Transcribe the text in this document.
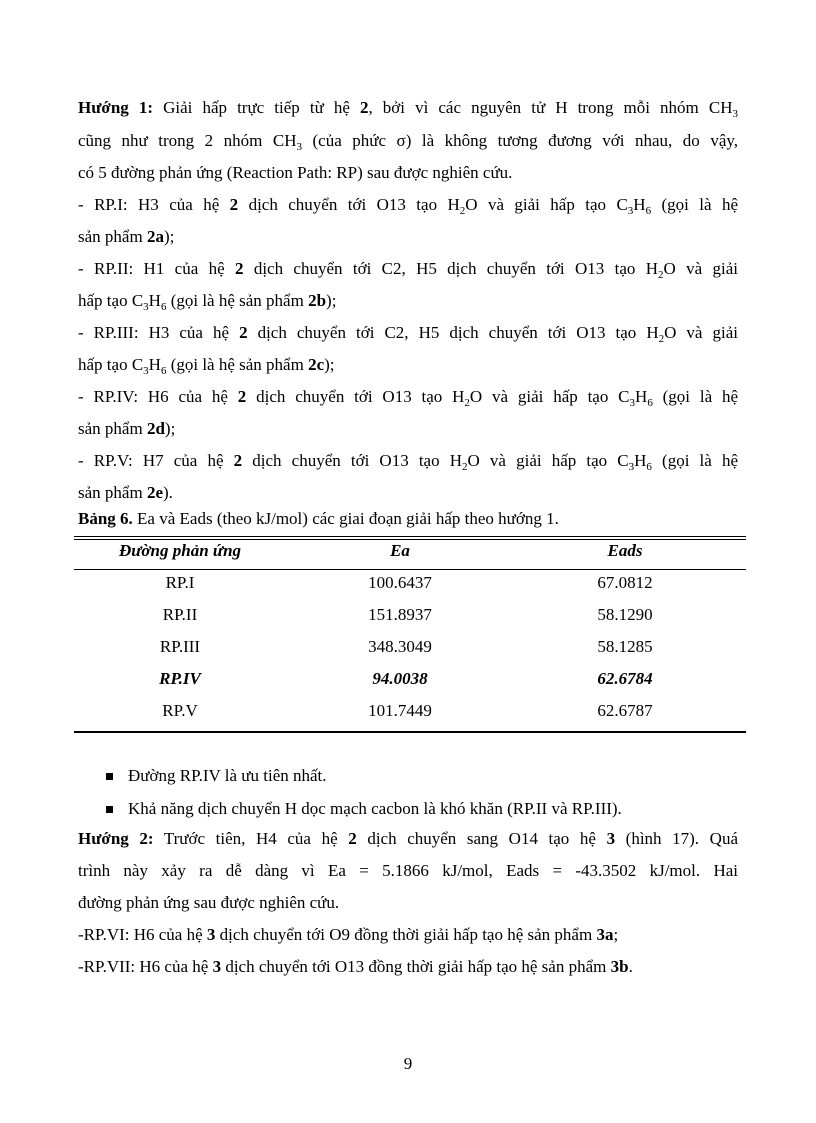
Hướng 1: Giải hấp trực tiếp từ hệ 2, bởi vì các nguyên tử H trong mỗi nhóm $CH_3$
cũng như trong 2 nhóm $CH_3$ (của phức σ) là không tương đương với nhau, do vậy,
có 5 đường phản ứng (Reaction Path: RP) sau được nghiên cứu.
- RP.I: H3 của hệ 2 dịch chuyển tới O13 tạo $H_2O$ và giải hấp tạo $C_3H_6$ (gọi là hệ
sản phẩm 2a);
- RP.II: H1 của hệ 2 dịch chuyển tới C2, H5 dịch chuyển tới O13 tạo $H_2O$ và giải
hấp tạo $C_3H_6$ (gọi là hệ sản phẩm 2b);
- RP.III: H3 của hệ 2 dịch chuyển tới C2, H5 dịch chuyển tới O13 tạo $H_2O$ và giải
hấp tạo $C_3H_6$ (gọi là hệ sản phẩm 2c);
- RP.IV: H6 của hệ 2 dịch chuyển tới O13 tạo $H_2O$ và giải hấp tạo $C_3H_6$ (gọi là hệ
sản phẩm 2d);
- RP.V: H7 của hệ 2 dịch chuyển tới O13 tạo $H_2O$ và giải hấp tạo $C_3H_6$ (gọi là hệ
sản phẩm 2e).
Bảng 6. Ea và Eads (theo kJ/mol) các giai đoạn giải hấp theo hướng 1.
Đường phản ứng	Ea	Eads
RP.I	100.6437	67.0812
RP.II	151.8937	58.1290
RP.III	348.3049	58.1285
RP.IV	94.0038	62.6784
RP.V	101.7449	62.6787
Đường RP.IV là ưu tiên nhất.
Khả năng dịch chuyển H dọc mạch cacbon là khó khăn (RP.II và RP.III).
Hướng 2: Trước tiên, H4 của hệ 2 dịch chuyển sang O14 tạo hệ 3 (hình 17). Quá
trình này xảy ra dễ dàng vì Ea = 5.1866 kJ/mol, Eads = -43.3502 kJ/mol. Hai
đường phản ứng sau được nghiên cứu.
-RP.VI: H6 của hệ 3 dịch chuyển tới O9 đồng thời giải hấp tạo hệ sản phẩm 3a;
-RP.VII: H6 của hệ 3 dịch chuyển tới O13 đồng thời giải hấp tạo hệ sản phẩm 3b.
9
